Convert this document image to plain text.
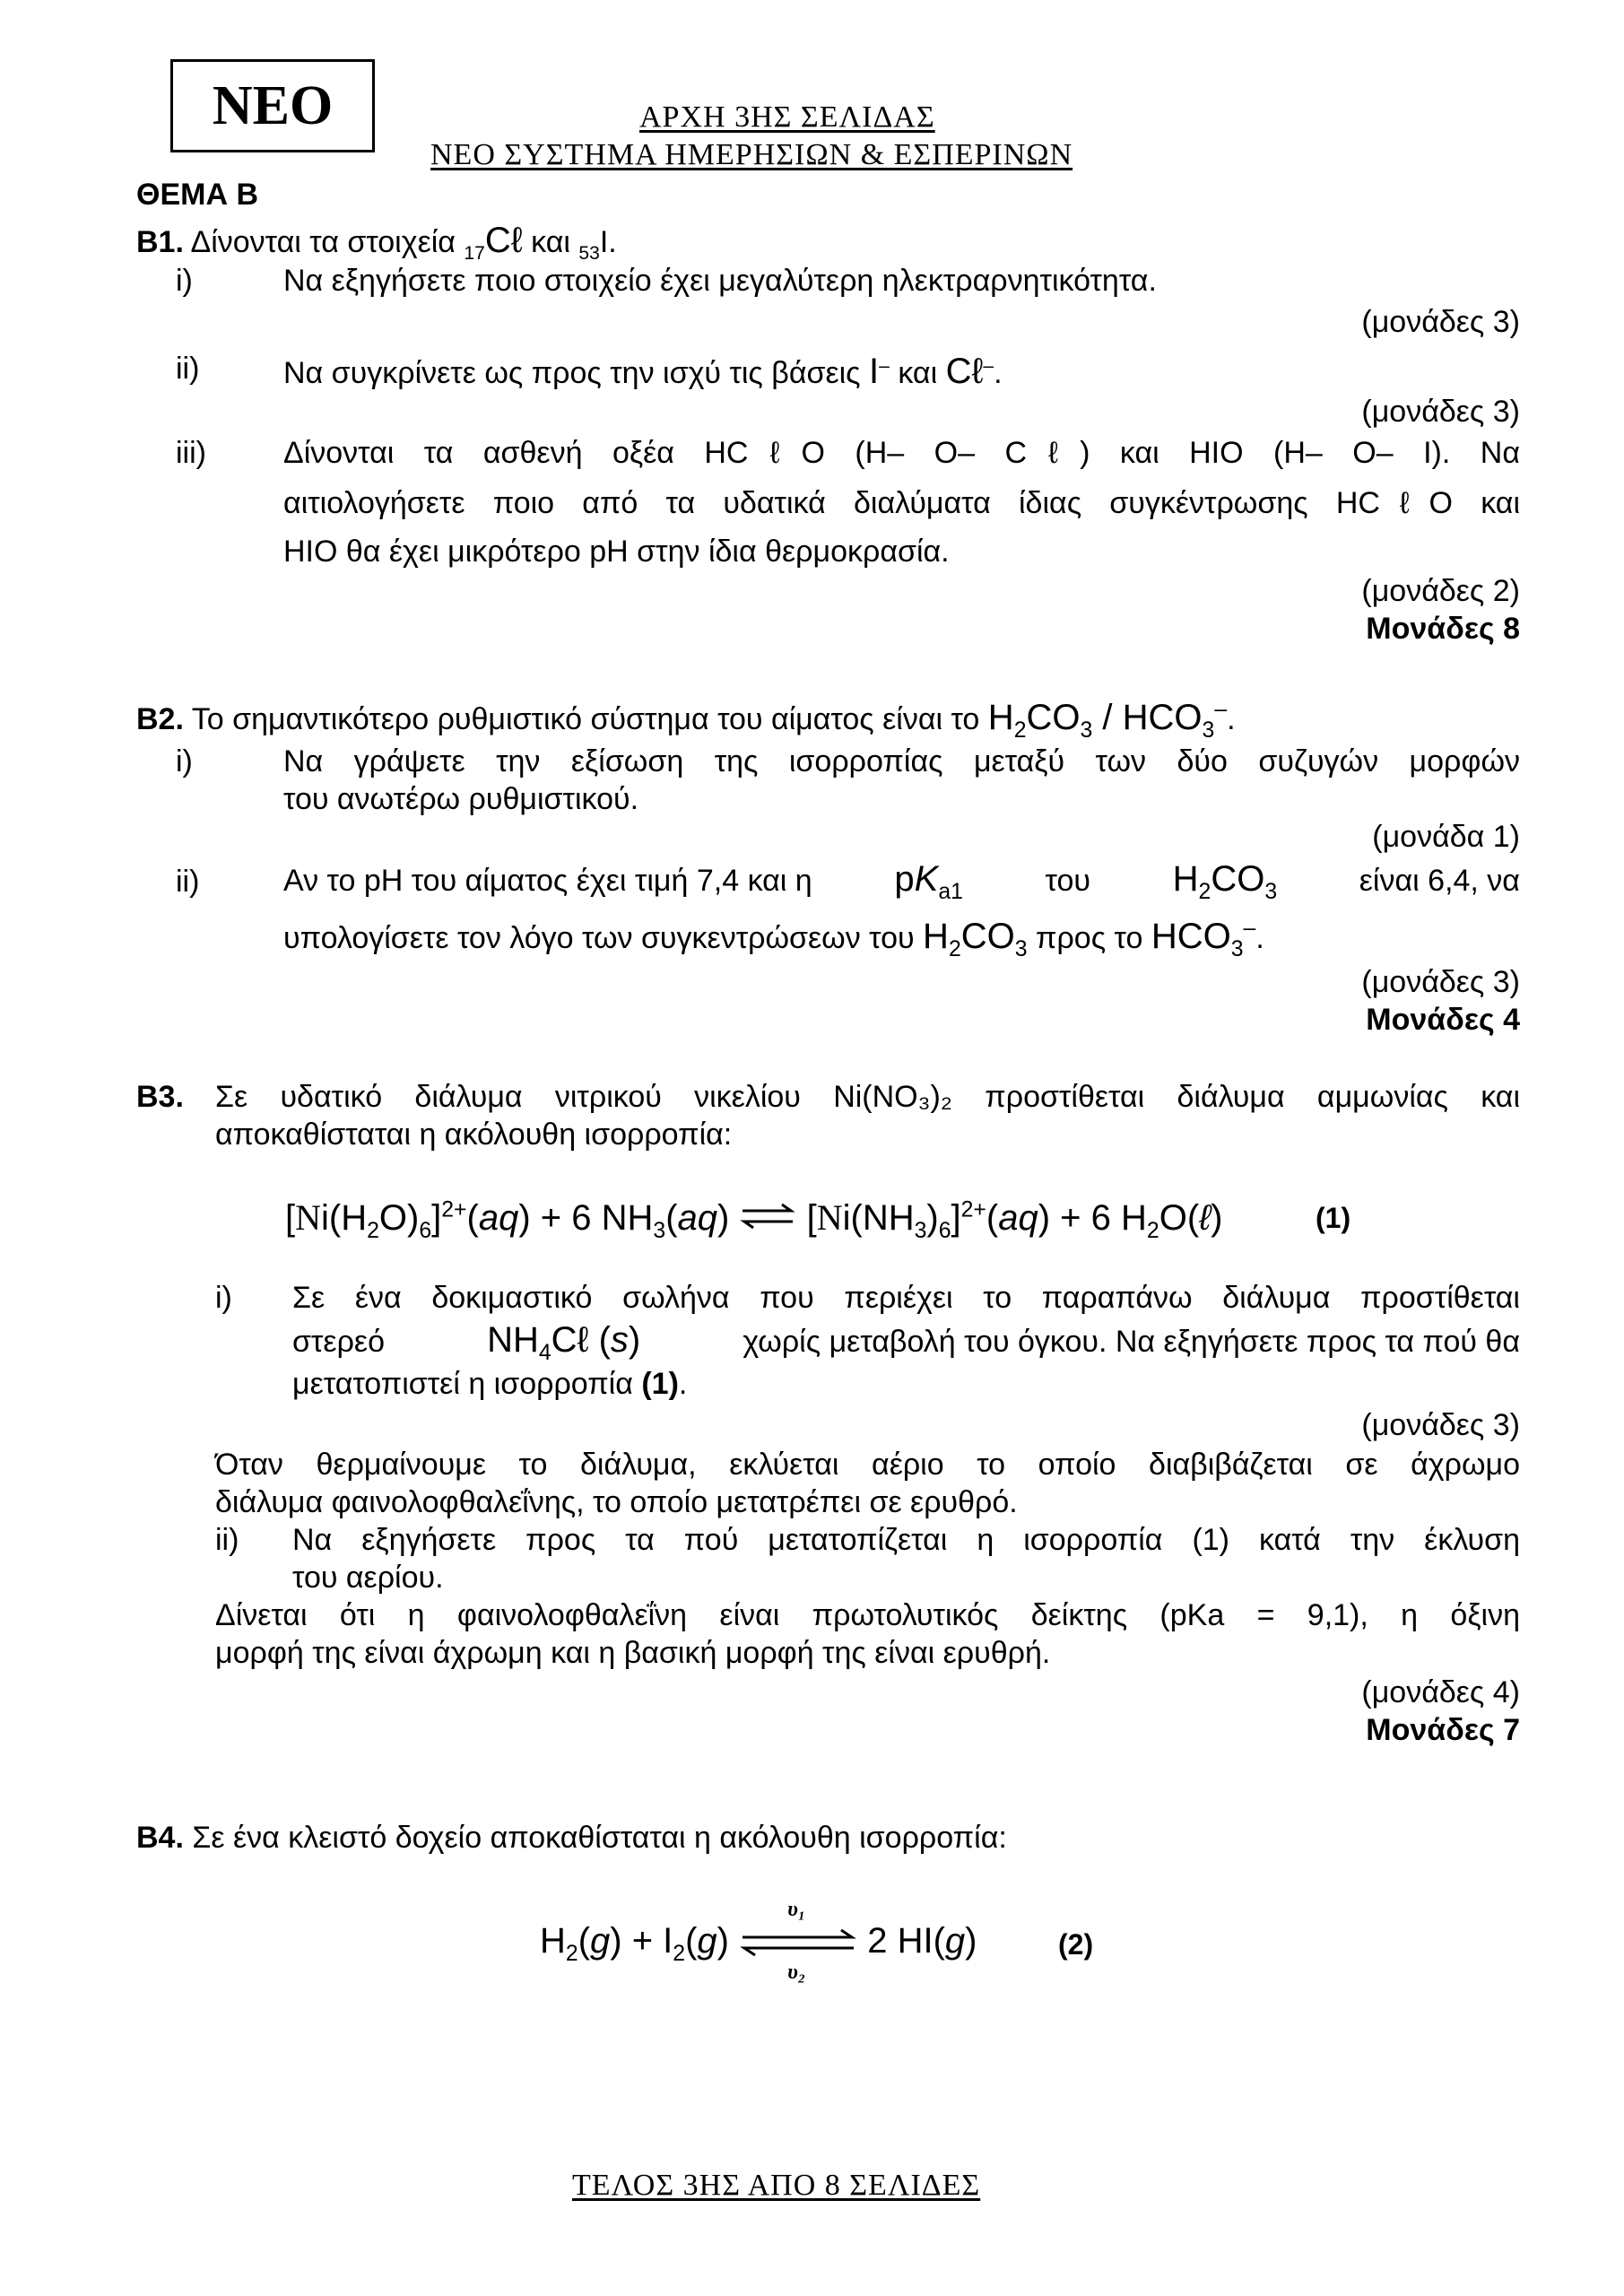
ΝΕΟ	ΑΡΧΗ 3ΗΣ ΣΕΛΙΔΑΣ
ΝΕΟ ΣΥΣΤΗΜΑ ΗΜΕΡΗΣΙΩΝ & ΕΣΠΕΡΙΝΩΝ
ΘΕΜΑ Β
Β1. Δίνονται τα στοιχεία $_{17}$Cℓ και $_{53}$I.
i)	Να εξηγήσετε ποιο στοιχείο έχει μεγαλύτερη ηλεκτραρνητικότητα.
(μονάδες 3)
ii)	Να συγκρίνετε ως προς την ισχύ τις βάσεις I– και Cℓ–.
(μονάδες 3)
iii)	Δίνονται τα ασθενή οξέα HCℓO (H– O– Cℓ) και HIO (H– O– I). Να
αιτιολογήσετε ποιο από τα υδατικά διαλύματα ίδιας συγκέντρωσης HCℓO και
HIO θα έχει μικρότερο pH στην ίδια θερμοκρασία.
(μονάδες 2)
Μονάδες 8
Β2. Το σημαντικότερο ρυθμιστικό σύστημα του αίματος είναι το $H_2CO_3 / HCO_3^-$.
i)	Να γράψετε την εξίσωση της ισορροπίας μεταξύ των δύο συζυγών μορφών
του ανωτέρω ρυθμιστικού.
(μονάδα 1)
ii)	Αν το pH του αίματος έχει τιμή 7,4 και η $pK_{a1}$	του $H_2CO_3$	είναι 6,4, να
υπολογίσετε τον λόγο των συγκεντρώσεων του $H_2CO_3$ προς το $HCO_3^-$.
(μονάδες 3)
Μονάδες 4
Β3. Σε υδατικό διάλυμα νιτρικού νικελίου Ni(NO₃)₂ προστίθεται διάλυμα αμμωνίας και
αποκαθίσταται η ακόλουθη ισορροπία:
$[Ni(H_2O)_6]^{2+}(aq) + 6$ $NH_3(aq)$ ⇌ $[Ni(NH_3)_6]^{2+}(aq) + 6$ $H_2O(\ell)$	(1)
i) Σε ένα δοκιμαστικό σωλήνα που περιέχει το παραπάνω διάλυμα προστίθεται
στερεό	$NH_4C\ell$ (s)	χωρίς μεταβολή του όγκου. Να εξηγήσετε προς τα πού θα
μετατοπιστεί η ισορροπία (1).
(μονάδες 3)
Όταν θερμαίνουμε το διάλυμα, εκλύεται αέριο το οποίο διαβιβάζεται σε άχρωμο
διάλυμα φαινολοφθαλεΐνης, το οποίο μετατρέπει σε ερυθρό.
ii) Να εξηγήσετε προς τα πού μετατοπίζεται η ισορροπία (1) κατά την έκλυση
του αερίου.
Δίνεται ότι η φαινολοφθαλεΐνη είναι πρωτολυτικός δείκτης (pKa = 9,1), η όξινη
μορφή της είναι άχρωμη και η βασική μορφή της είναι ερυθρή.
(μονάδες 4)
Μονάδες 7
Β4. Σε ένα κλειστό δοχείο αποκαθίσταται η ακόλουθη ισορροπία:
$H_2(g) + I_2(g)$
υ₁
υ₂
2 HI(g)	(2)
ΤΕΛΟΣ 3ΗΣ ΑΠΟ 8 ΣΕΛΙΔΕΣ
